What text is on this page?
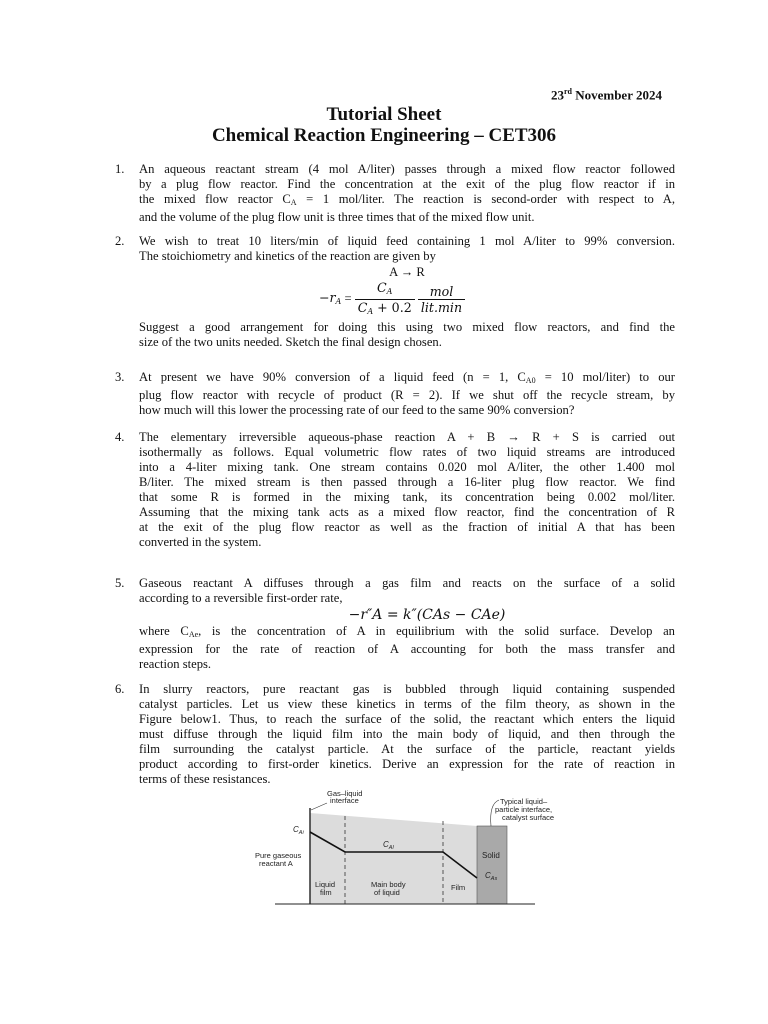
23rd November 2024
Tutorial Sheet
Chemical Reaction Engineering – CET306
1. An aqueous reactant stream (4 mol A/liter) passes through a mixed flow reactor followed
by a plug flow reactor. Find the concentration at the exit of the plug flow reactor if in
the mixed flow reactor $C_A = 1$ mol/liter. The reaction is second-order with respect to A,
and the volume of the plug flow unit is three times that of the mixed flow unit.
2. We wish to treat 10 liters/min of liquid feed containing 1 mol A/liter to 99% conversion.
The stoichiometry and kinetics of the reaction are given by
A → R
$-r_A = \frac{C_A}{C_A + 0.2}$
$\frac{\text{mol}}{\text{lit.min}}$
Suggest a good arrangement for doing this using two mixed flow reactors, and find the
size of the two units needed. Sketch the final design chosen.
3. At present we have 90% conversion of a liquid feed (n = 1, $C_{A0} = 10$ mol/liter) to our
plug flow reactor with recycle of product (R = 2). If we shut off the recycle stream, by
how much will this lower the processing rate of our feed to the same 90% conversion?
4. The elementary irreversible aqueous-phase reaction A + B → R + S is carried out
isothermally as follows. Equal volumetric flow rates of two liquid streams are introduced
into a 4-liter mixing tank. One stream contains 0.020 mol A/liter, the other 1.400 mol
B/liter. The mixed stream is then passed through a 16-liter plug flow reactor. We find
that some R is formed in the mixing tank, its concentration being 0.002 mol/liter.
Assuming that the mixing tank acts as a mixed flow reactor, find the concentration of R
at the exit of the plug flow reactor as well as the fraction of initial A that has been
converted in the system.
5. Gaseous reactant A diffuses through a gas film and reacts on the surface of a solid
according to a reversible first-order rate,
−r″A = k″(CAs − CAe)
where $C_{Ae}$, is the concentration of A in equilibrium with the solid surface. Develop an
expression for the rate of reaction of A accounting for both the mass transfer and
reaction steps.
6. In slurry reactors, pure reactant gas is bubbled through liquid containing suspended
catalyst particles. Let us view these kinetics in terms of the film theory, as shown in the
Figure below1. Thus, to reach the surface of the solid, the reactant which enters the liquid
must diffuse through the liquid film into the main body of liquid, and then through the
film surrounding the catalyst particle. At the surface of the particle, reactant yields
product according to first-order kinetics. Derive an expression for the rate of reaction in
terms of these resistances.
Gas–liquid
interface	Typical liquid–
particle interface,
catalyst surface
$C_{Ai}$
$C_{Al}$
$C_{As}$
Pure gaseous
reactant A
Solid
Liquid
film
Main body
of liquid
Film
